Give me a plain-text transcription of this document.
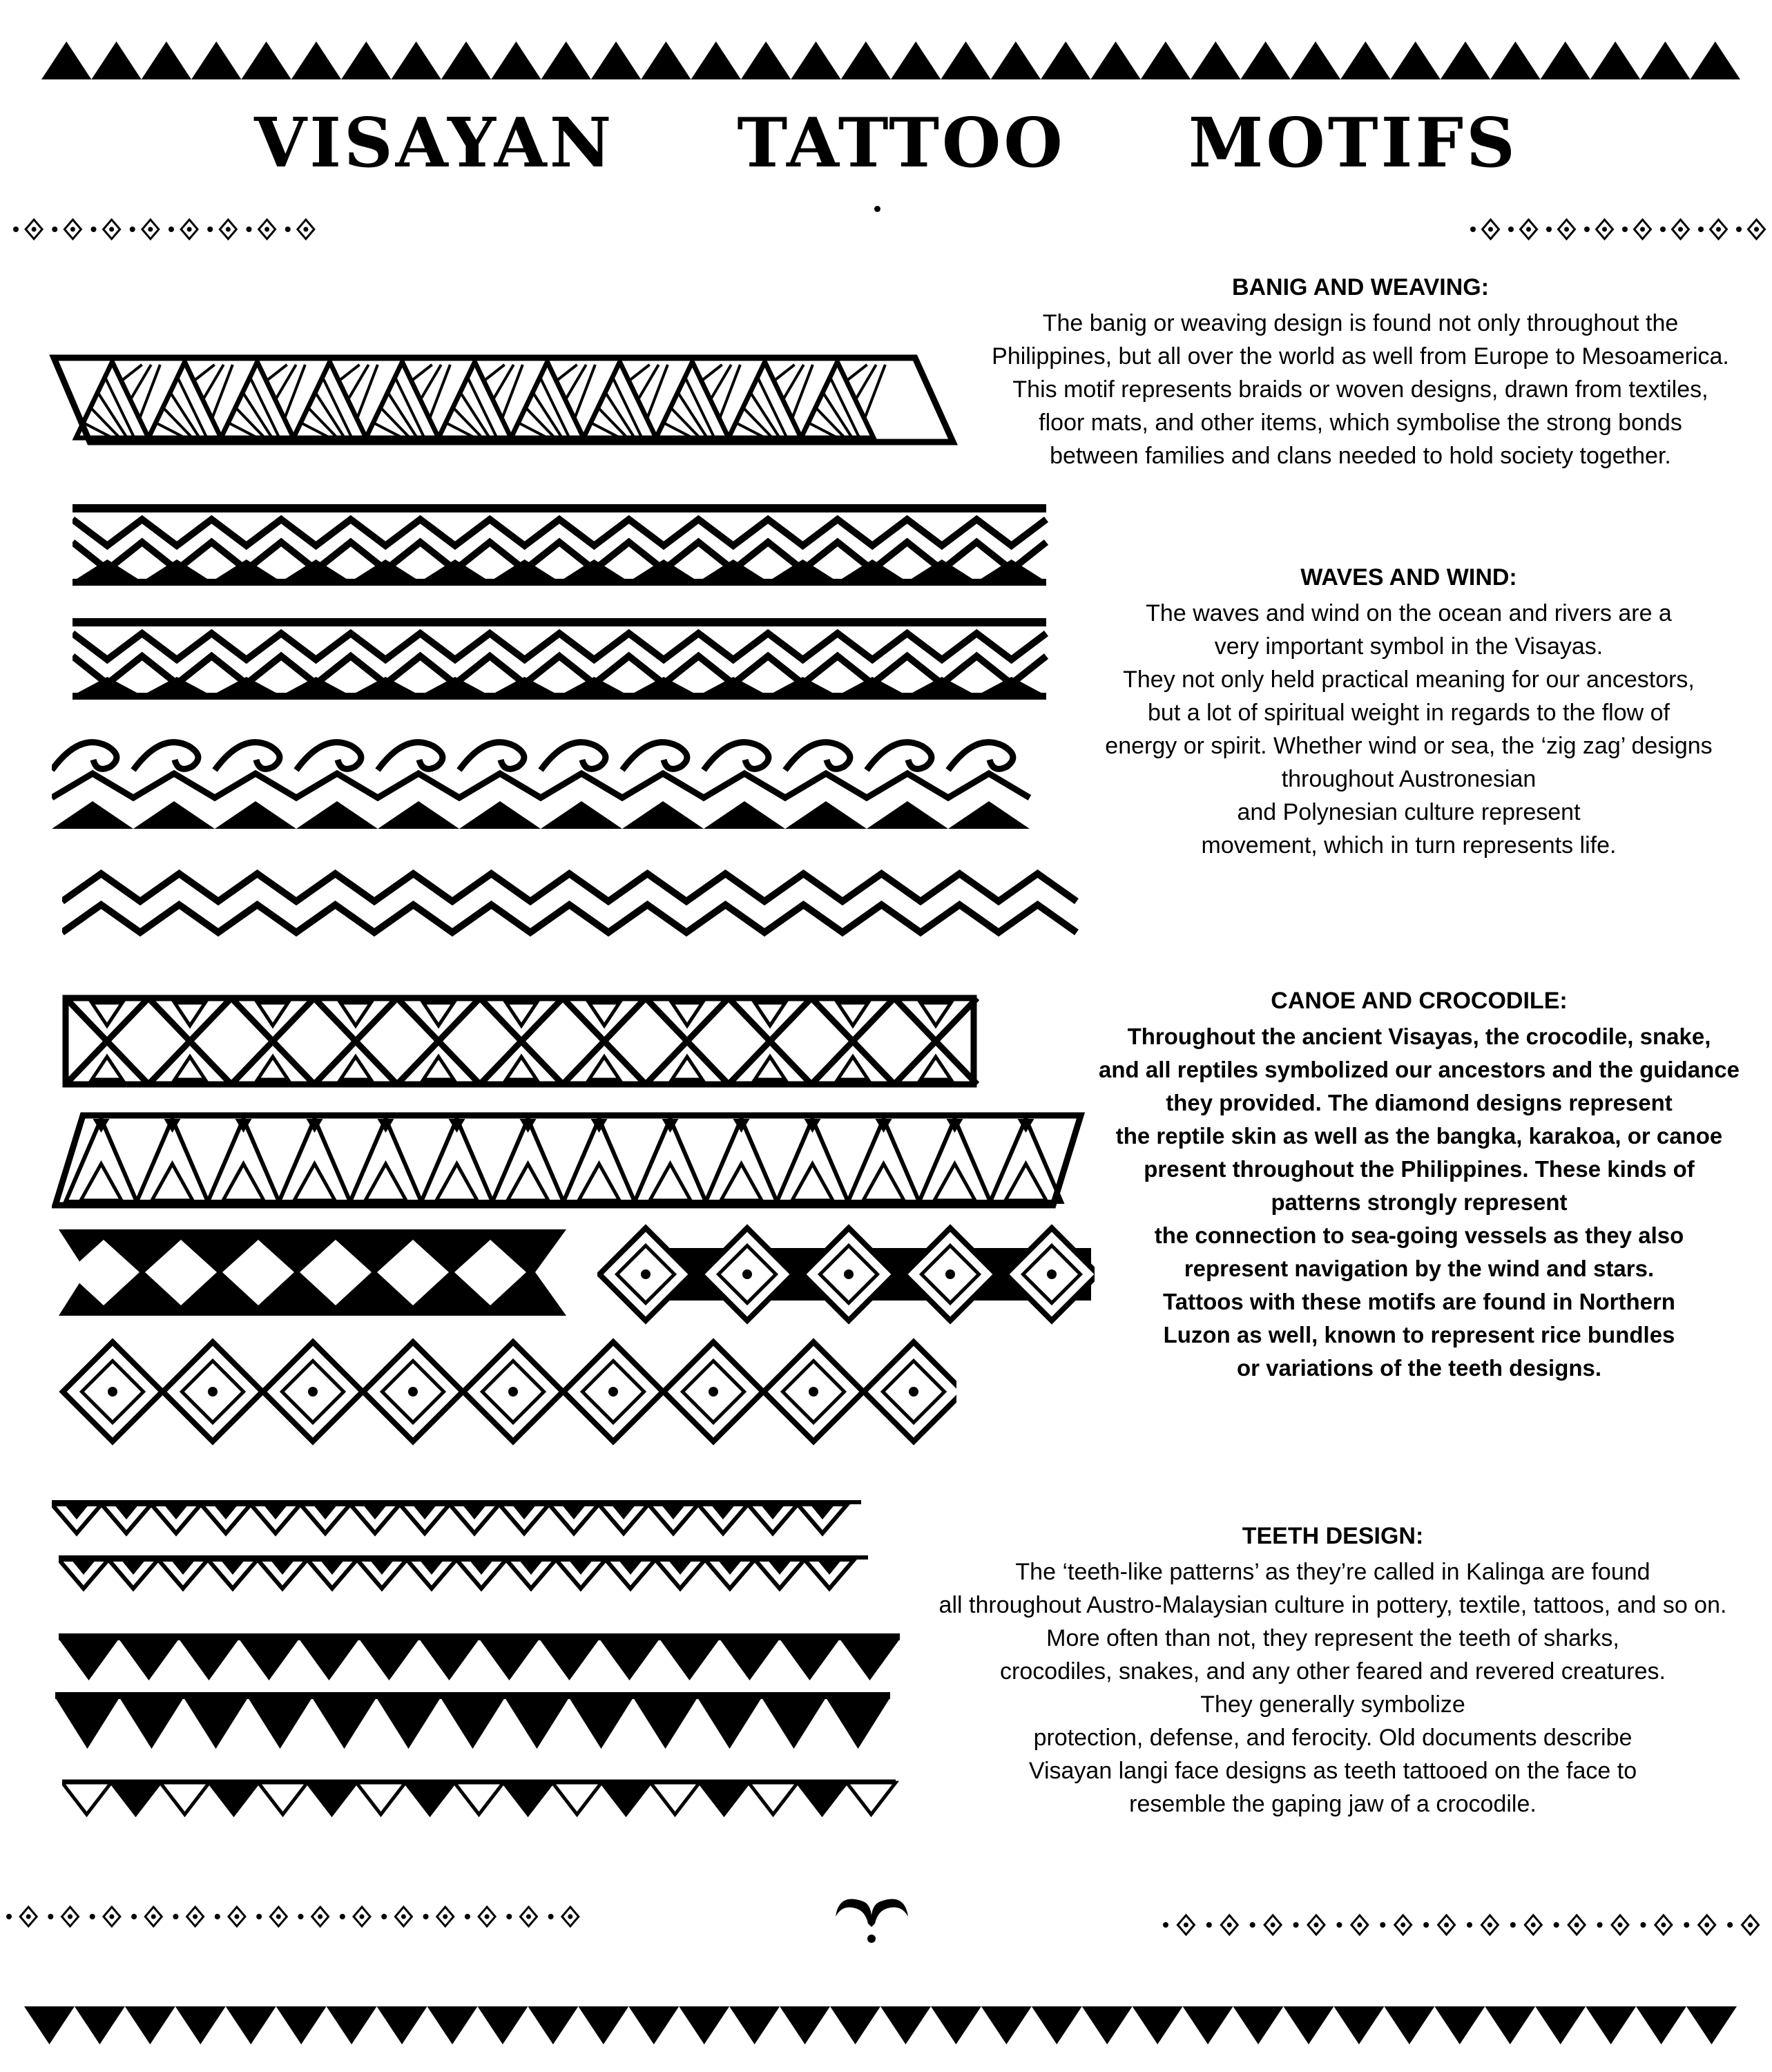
VISAYAN TATTOO MOTIFS
BANIG AND WEAVING:

The banig or weaving design is found not only throughout the
Philippines, but all over the world as well from Europe to Mesoamerica.
This motif represents braids or woven designs, drawn from textiles,
floor mats, and other items, which symbolise the strong bonds
between families and clans needed to hold society together.

WAVES AND WIND:

The waves and wind on the ocean and rivers are a
very important symbol in the Visayas.
They not only held practical meaning for our ancestors,
but a lot of spiritual weight in regards to the flow of
energy or spirit. Whether wind or sea, the ‘zig zag’ designs
throughout Austronesian
and Polynesian culture represent
movement, which in turn represents life.

CANOE AND CROCODILE:

Throughout the ancient Visayas, the crocodile, snake,
and all reptiles symbolized our ancestors and the guidance
they provided. The diamond designs represent
the reptile skin as well as the bangka, karakoa, or canoe
present throughout the Philippines. These kinds of
patterns strongly represent
the connection to sea-going vessels as they also
represent navigation by the wind and stars.
Tattoos with these motifs are found in Northern
Luzon as well, known to represent rice bundles
or variations of the teeth designs.

TEETH DESIGN:

The ‘teeth-like patterns’ as they’re called in Kalinga are found
all throughout Austro-Malaysian culture in pottery, textile, tattoos, and so on.
More often than not, they represent the teeth of sharks,
crocodiles, snakes, and any other feared and revered creatures.
They generally symbolize
protection, defense, and ferocity. Old documents describe
Visayan langi face designs as teeth tattooed on the face to
resemble the gaping jaw of a crocodile.
